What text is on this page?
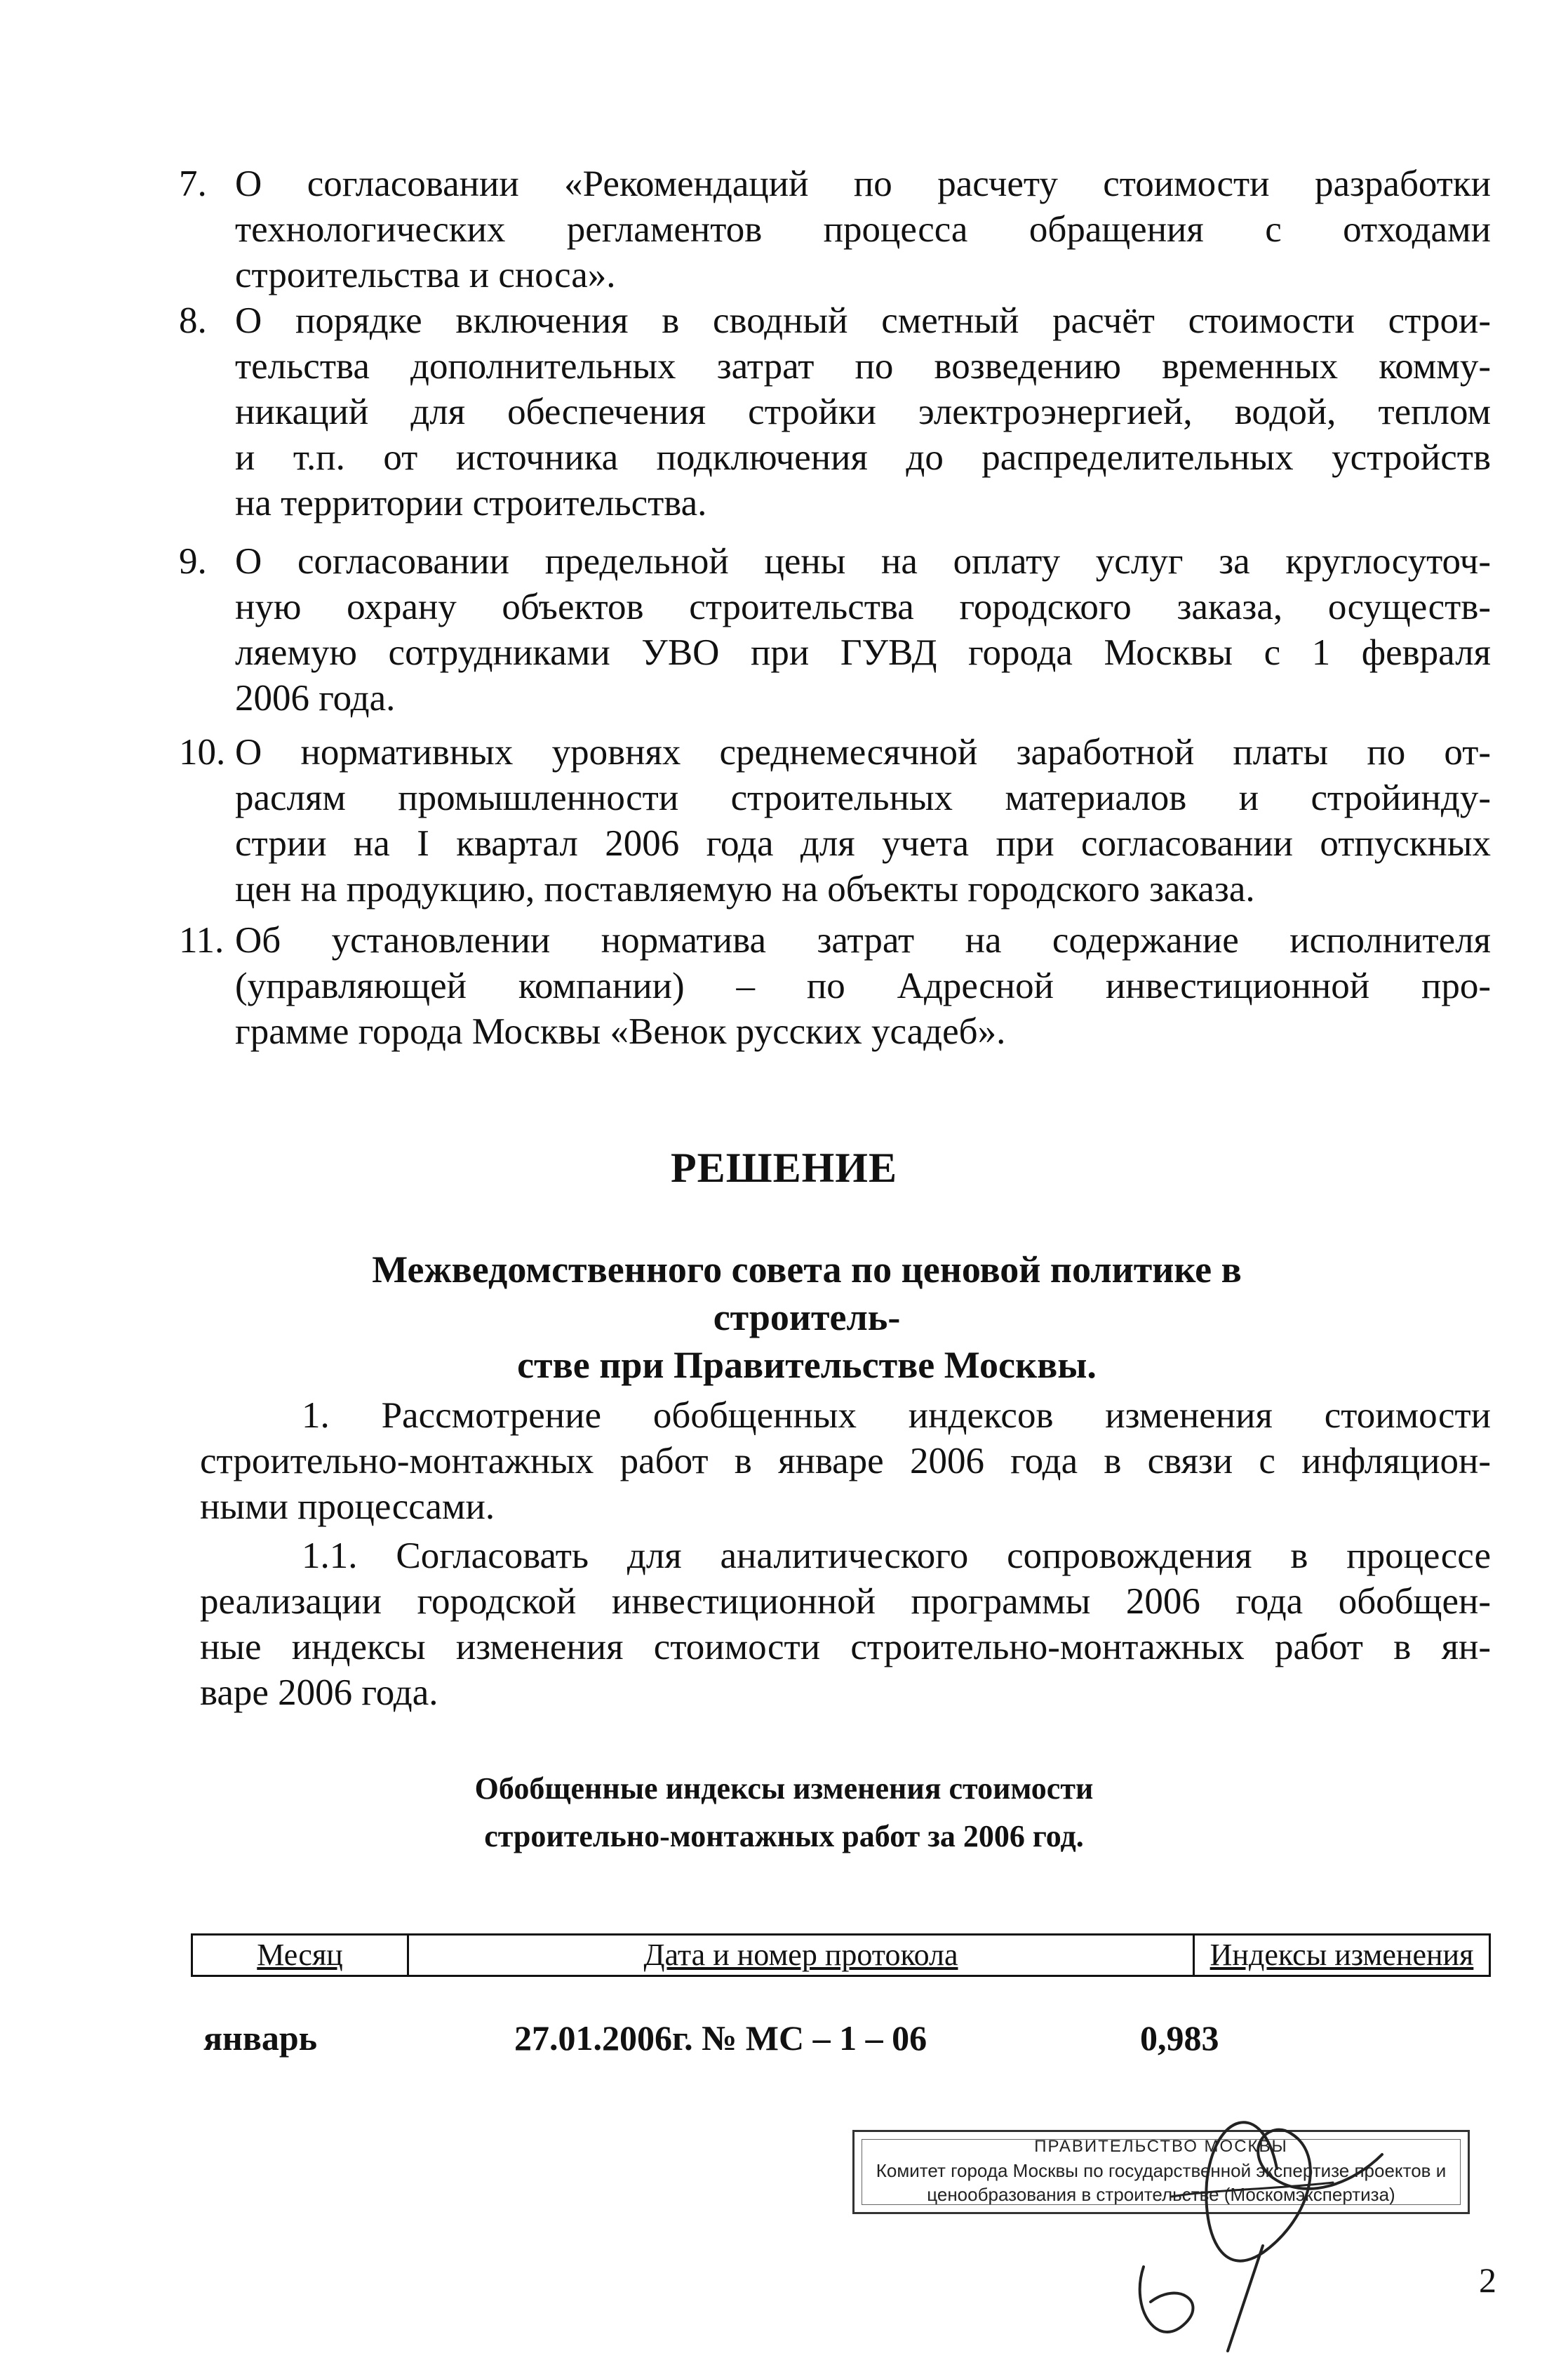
7. О согласовании «Рекомендаций по расчету стоимости разработки
технологических регламентов процесса обращения с отходами
строительства и сноса».
8. О порядке включения в сводный сметный расчёт стоимости строи-
тельства дополнительных затрат по возведению временных комму-
никаций для обеспечения стройки электроэнергией, водой, теплом
и т.п. от источника подключения до распределительных устройств
на территории строительства.
9. О согласовании предельной цены на оплату услуг за круглосуточ-
ную охрану объектов строительства городского заказа, осуществ-
ляемую сотрудниками УВО при ГУВД города Москвы с 1 февраля
2006 года.
10. О нормативных уровнях среднемесячной заработной платы по от-
раслям промышленности строительных материалов и стройинду-
стрии на I квартал 2006 года для учета при согласовании отпускных
цен на продукцию, поставляемую на объекты городского заказа.
11. Об установлении норматива затрат на содержание исполнителя
(управляющей компании) – по Адресной инвестиционной про-
грамме города Москвы «Венок русских усадеб».
РЕШЕНИЕ
Межведомственного совета по ценовой политике в строитель-
стве при Правительстве Москвы.
1. Рассмотрение обобщенных индексов изменения стоимости
строительно-монтажных работ в январе 2006 года в связи с инфляцион-
ными процессами.
1.1. Согласовать для аналитического сопровождения в процессе
реализации городской инвестиционной программы 2006 года обобщен-
ные индексы изменения стоимости строительно-монтажных работ в ян-
варе 2006 года.
Обобщенные индексы изменения стоимости
строительно-монтажных работ за 2006 год.
Месяц	Дата и номер протокола	Индексы изменения
январь	27.01.2006г. № МС – 1 – 06	0,983
ПРАВИТЕЛЬСТВО МОСКВЫ
Комитет города Москвы по государственной экспертизе проектов и
ценообразования в строительстве (Москомэкспертиза)
2
